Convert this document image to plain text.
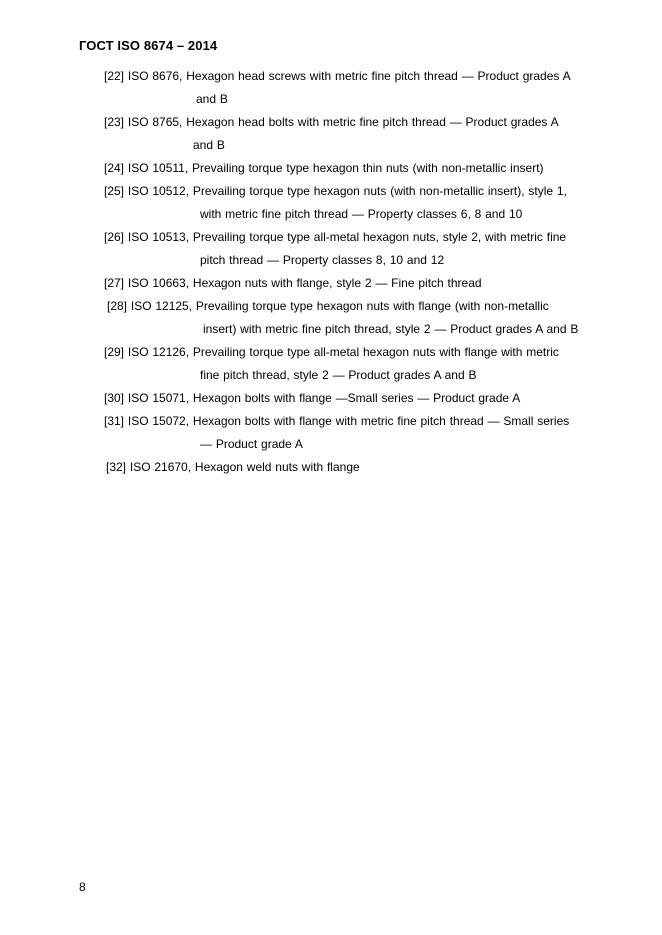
ГОСТ ISO 8674 – 2014
[22] ISO 8676, Hexagon head screws with metric fine pitch thread — Product grades A
and B
[23] ISO 8765, Hexagon head bolts with metric fine pitch thread — Product grades A
and B
[24] ISO 10511, Prevailing torque type hexagon thin nuts (with non-metallic insert)
[25] ISO 10512, Prevailing torque type hexagon nuts (with non-metallic insert), style 1,
with metric fine pitch thread — Property classes 6, 8 and 10
[26] ISO 10513, Prevailing torque type all-metal hexagon nuts, style 2, with metric fine
pitch thread — Property classes 8, 10 and 12
[27] ISO 10663, Hexagon nuts with flange, style 2 — Fine pitch thread
[28] ISO 12125, Prevailing torque type hexagon nuts with flange (with non-metallic
insert) with metric fine pitch thread, style 2 — Product grades A and B
[29] ISO 12126, Prevailing torque type all-metal hexagon nuts with flange with metric
fine pitch thread, style 2 — Product grades A and B
[30] ISO 15071, Hexagon bolts with flange —Small series — Product grade A
[31] ISO 15072, Hexagon bolts with flange with metric fine pitch thread — Small series
— Product grade A
[32] ISO 21670, Hexagon weld nuts with flange
8
